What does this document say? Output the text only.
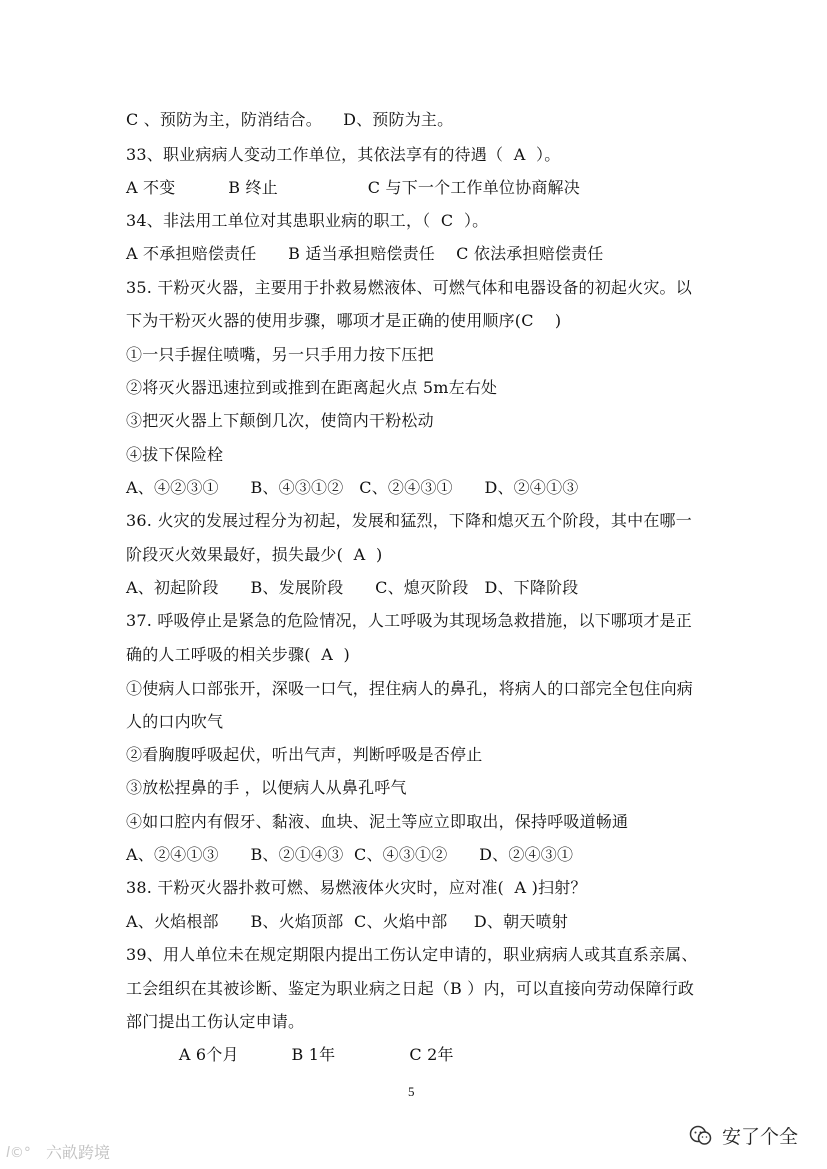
C 、预防为主，防消结合。    D、预防为主。
33、职业病病人变动工作单位，其依法享有的待遇（  A  ）。
A 不变          B 终止                 C 与下一个工作单位协商解决
34、非法用工单位对其患职业病的职工，（  C  ）。
A 不承担赔偿责任      B 适当承担赔偿责任    C 依法承担赔偿责任
35. 干粉灭火器，主要用于扑救易燃液体、可燃气体和电器设备的初起火灾。以
下为干粉灭火器的使用步骤，哪项才是正确的使用顺序(C    )
①一只手握住喷嘴，另一只手用力按下压把
②将灭火器迅速拉到或推到在距离起火点 5m左右处
③把灭火器上下颠倒几次，使筒内干粉松动
④拔下保险栓
A、④②③①      B、④③①②   C、②④③①      D、②④①③
36. 火灾的发展过程分为初起，发展和猛烈，下降和熄灭五个阶段，其中在哪一
阶段灭火效果最好，损失最少(  A  )
A、初起阶段      B、发展阶段      C、熄灭阶段   D、下降阶段
37. 呼吸停止是紧急的危险情况，人工呼吸为其现场急救措施，以下哪项才是正
确的人工呼吸的相关步骤(  A  )
①使病人口部张开，深吸一口气，捏住病人的鼻孔，将病人的口部完全包住向病
人的口内吹气
②看胸腹呼吸起伏，听出气声，判断呼吸是否停止
③放松捏鼻的手 ，以便病人从鼻孔呼气
④如口腔内有假牙、黏液、血块、泥土等应立即取出，保持呼吸道畅通
A、②④①③      B、②①④③  C、④③①②      D、②④③①
38. 干粉灭火器扑救可燃、易燃液体火灾时，应对准(  A )扫射？
A、火焰根部      B、火焰顶部  C、火焰中部     D、朝天喷射
39、用人单位未在规定期限内提出工伤认定申请的，职业病病人或其直系亲属、
工会组织在其被诊断、鉴定为职业病之日起（B ）内，可以直接向劳动保障行政
部门提出工伤认定申请。
A 6个月          B 1年              C 2年
5
l©° 六畝跨境
安了个全
